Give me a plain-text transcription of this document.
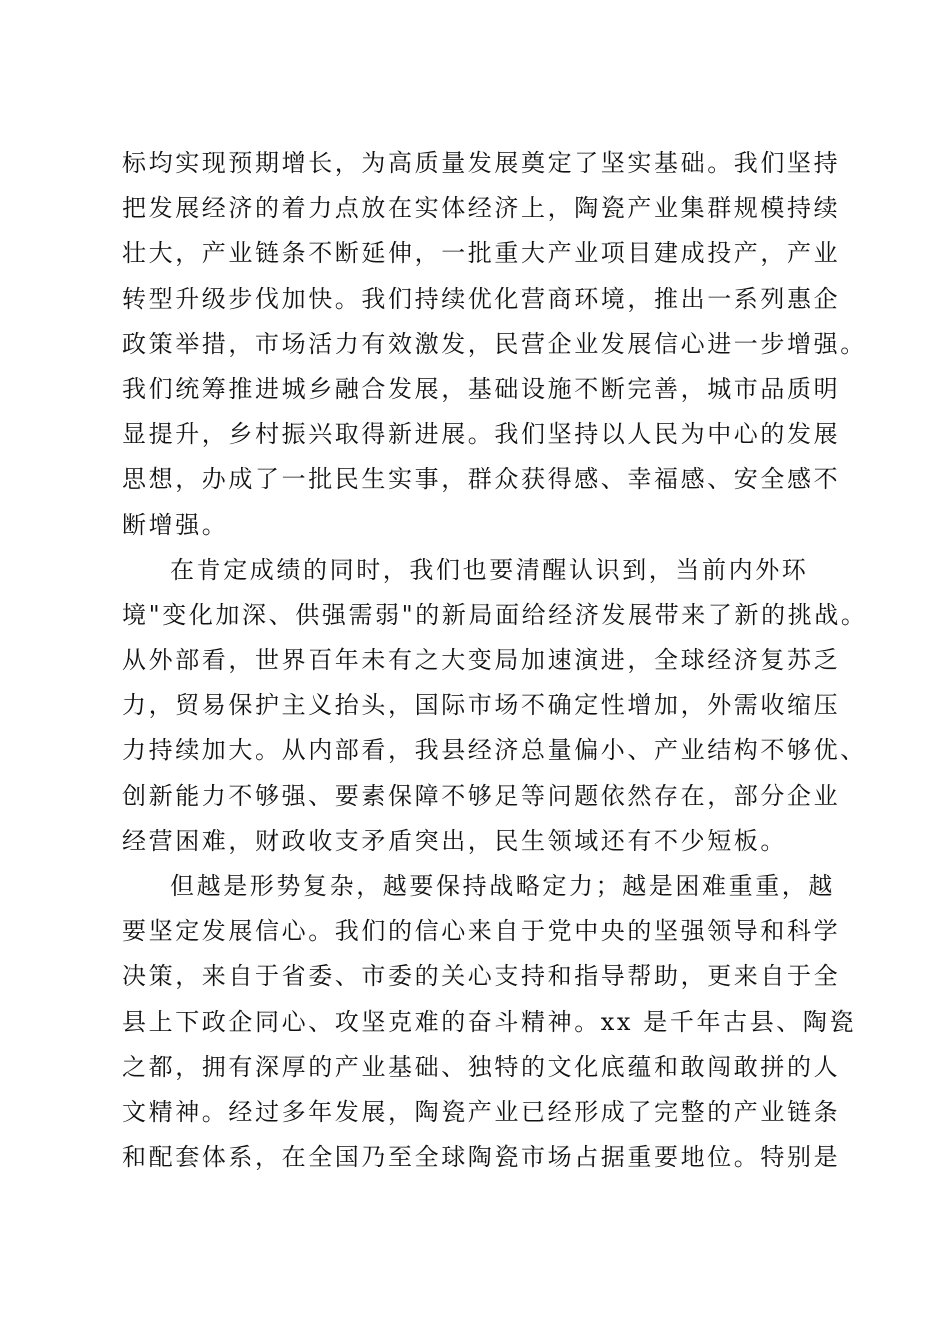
标均实现预期增长，为高质量发展奠定了坚实基础。我们坚持
把发展经济的着力点放在实体经济上，陶瓷产业集群规模持续
壮大，产业链条不断延伸，一批重大产业项目建成投产，产业
转型升级步伐加快。我们持续优化营商环境，推出一系列惠企
政策举措，市场活力有效激发，民营企业发展信心进一步增强。
我们统筹推进城乡融合发展，基础设施不断完善，城市品质明
显提升，乡村振兴取得新进展。我们坚持以人民为中心的发展
思想，办成了一批民生实事，群众获得感、幸福感、安全感不
断增强。
在肯定成绩的同时，我们也要清醒认识到，当前内外环
境"变化加深、供强需弱"的新局面给经济发展带来了新的挑战。
从外部看，世界百年未有之大变局加速演进，全球经济复苏乏
力，贸易保护主义抬头，国际市场不确定性增加，外需收缩压
力持续加大。从内部看，我县经济总量偏小、产业结构不够优、
创新能力不够强、要素保障不够足等问题依然存在，部分企业
经营困难，财政收支矛盾突出，民生领域还有不少短板。
但越是形势复杂，越要保持战略定力；越是困难重重，越
要坚定发展信心。我们的信心来自于党中央的坚强领导和科学
决策，来自于省委、市委的关心支持和指导帮助，更来自于全
县上下政企同心、攻坚克难的奋斗精神。xx 是千年古县、陶瓷
之都，拥有深厚的产业基础、独特的文化底蕴和敢闯敢拼的人
文精神。经过多年发展，陶瓷产业已经形成了完整的产业链条
和配套体系，在全国乃至全球陶瓷市场占据重要地位。特别是
